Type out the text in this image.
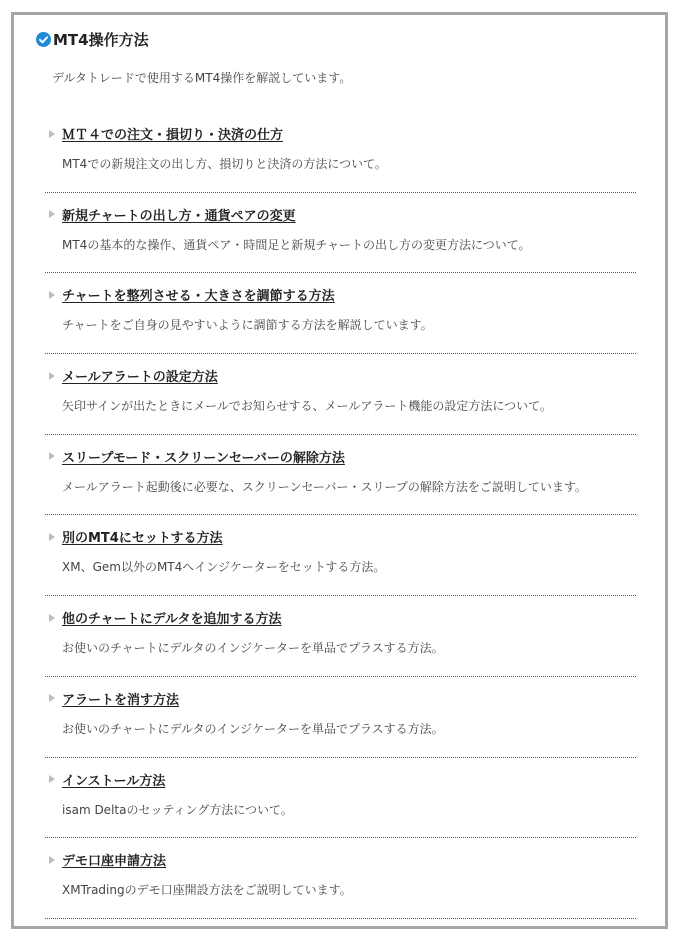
MT4操作方法
デルタトレードで使用するMT4操作を解説しています。
ＭＴ４での注文・損切り・決済の仕方
MT4での新規注文の出し方、損切りと決済の方法について。
新規チャートの出し方・通貨ペアの変更
MT4の基本的な操作、通貨ペア・時間足と新規チャートの出し方の変更方法について。
チャートを整列させる・大きさを調節する方法
チャートをご自身の見やすいように調節する方法を解説しています。
メールアラートの設定方法
矢印サインが出たときにメールでお知らせする、メールアラート機能の設定方法について。
スリープモード・スクリーンセーバーの解除方法
メールアラート起動後に必要な、スクリーンセーバー・スリープの解除方法をご説明しています。
別のMT4にセットする方法
XM、Gem以外のMT4へインジケーターをセットする方法。
他のチャートにデルタを追加する方法
お使いのチャートにデルタのインジケーターを単品でプラスする方法。
アラートを消す方法
お使いのチャートにデルタのインジケーターを単品でプラスする方法。
インストール方法
isam Deltaのセッティング方法について。
デモ口座申請方法
XMTradingのデモ口座開設方法をご説明しています。
